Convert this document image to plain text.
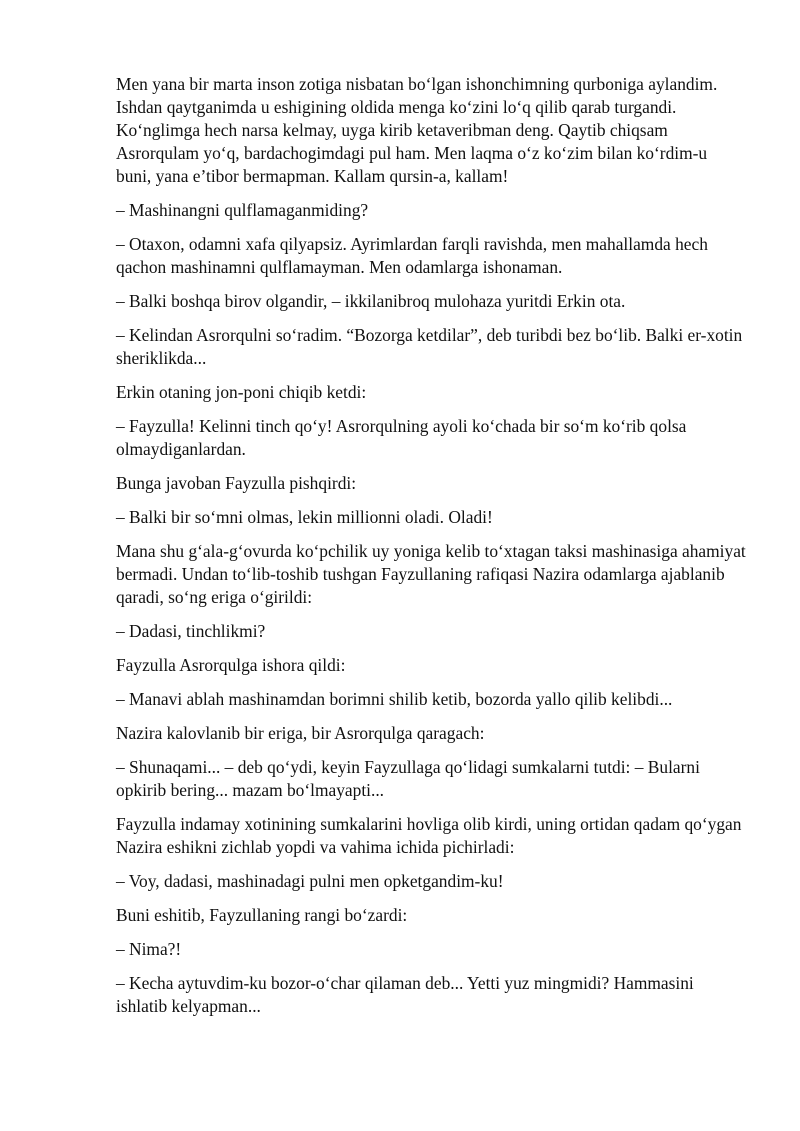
Men yana bir marta inson zotiga nisbatan bo‘lgan ishonchimning qurboniga aylandim. Ishdan qaytganimda u eshigining oldida menga ko‘zini lo‘q qilib qarab turgandi. Ko‘nglimga hech narsa kelmay, uyga kirib ketaveribman deng. Qaytib chiqsam Asrorqulam yo‘q, bardachogimdagi pul ham. Men laqma o‘z ko‘zim bilan ko‘rdim-u buni, yana e’tibor bermapman. Kallam qursin-a, kallam!

– Mashinangni qulflamaganmiding?

– Otaxon, odamni xafa qilyapsiz. Ayrimlardan farqli ravishda, men mahallamda hech qachon mashinamni qulflamayman. Men odamlarga ishonaman.

– Balki boshqa birov olgandir, – ikkilanibroq mulohaza yuritdi Erkin ota.

– Kelindan Asrorqulni so‘radim. “Bozorga ketdilar”, deb turibdi bez bo‘lib. Balki er-xotin sheriklikda...

Erkin otaning jon-poni chiqib ketdi:

– Fayzulla! Kelinni tinch qo‘y! Asrorqulning ayoli ko‘chada bir so‘m ko‘rib qolsa olmaydiganlardan.

Bunga javoban Fayzulla pishqirdi:

– Balki bir so‘mni olmas, lekin millionni oladi. Oladi!

Mana shu g‘ala-g‘ovurda ko‘pchilik uy yoniga kelib to‘xtagan taksi mashinasiga ahamiyat bermadi. Undan to‘lib-toshib tushgan Fayzullaning rafiqasi Nazira odamlarga ajablanib qaradi, so‘ng eriga o‘girildi:

– Dadasi, tinchlikmi?

Fayzulla Asrorqulga ishora qildi:

– Manavi ablah mashinamdan borimni shilib ketib, bozorda yallo qilib kelibdi...

Nazira kalovlanib bir eriga, bir Asrorqulga qaragach:

– Shunaqami... – deb qo‘ydi, keyin Fayzullaga qo‘lidagi sumkalarni tutdi: – Bularni opkirib bering... mazam bo‘lmayapti...

Fayzulla indamay xotinining sumkalarini hovliga olib kirdi, uning ortidan qadam qo‘ygan Nazira eshikni zichlab yopdi va vahima ichida pichirladi:

– Voy, dadasi, mashinadagi pulni men opketgandim-ku!

Buni eshitib, Fayzullaning rangi bo‘zardi:

– Nima?!

– Kecha aytuvdim-ku bozor-o‘char qilaman deb... Yetti yuz mingmidi? Hammasini ishlatib kelyapman...
